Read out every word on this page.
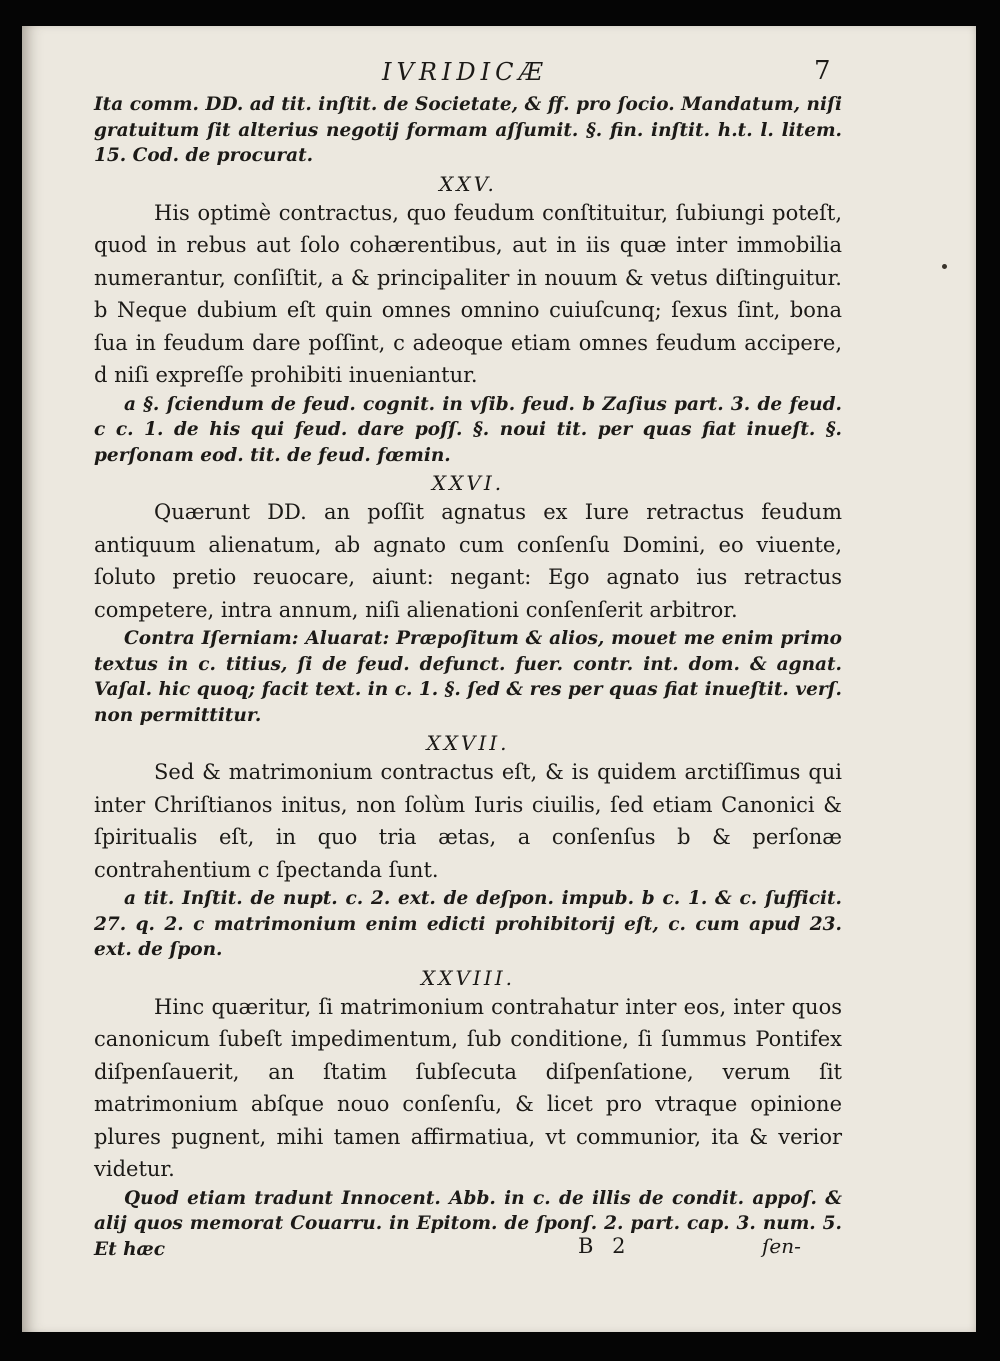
IVRIDICÆ	7

Ita comm. DD. ad tit. inſtit. de Societate, & ff. pro ſocio. Mandatum, niſi gratuitum ſit alterius negotij formam aſſumit. §. fin. inſtit. h.t. l. litem. 15. Cod. de procurat.

XXV.

His optimè contractus, quo feudum conſtituitur, ſubiungi poteſt, quod in rebus aut ſolo cohærentibus, aut in iis quæ inter immobilia numerantur, conſiſtit, a & principaliter in nouum & vetus diſtinguitur. b Neque dubium eſt quin omnes omnino cuiuſcunq; ſexus ſint, bona ſua in feudum dare poſſint, c adeoque etiam omnes feudum accipere, d niſi expreſſe prohibiti inueniantur.

a §. ſciendum de feud. cognit. in vſib. feud. b Zaſius part. 3. de feud. c c. 1. de his qui feud. dare poſſ. §. noui tit. per quas fiat inueſt. §. perſonam eod. tit. de feud. fœmin.

XXVI.

Quærunt DD. an poſſit agnatus ex Iure retractus feudum antiquum alienatum, ab agnato cum conſenſu Domini, eo viuente, ſoluto pretio reuocare, aiunt: negant: Ego agnato ius retractus competere, intra annum, niſi alienationi conſenſerit arbitror.

Contra Iſerniam: Aluarat: Præpoſitum & alios, mouet me enim primo textus in c. titius, ſi de feud. defunct. fuer. contr. int. dom. & agnat. Vaſal. hic quoq; facit text. in c. 1. §. ſed & res per quas fiat inueſtit. verſ. non permittitur.

XXVII.

Sed & matrimonium contractus eſt, & is quidem arctiſſimus qui inter Chriſtianos initus, non ſolùm Iuris ciuilis, ſed etiam Canonici & ſpiritualis eſt, in quo tria ætas, a conſenſus b & perſonæ contrahentium c ſpectanda ſunt.

a tit. Inſtit. de nupt. c. 2. ext. de deſpon. impub. b c. 1. & c. ſufficit. 27. q. 2. c matrimonium enim edicti prohibitorij eſt, c. cum apud 23. ext. de ſpon.

XXVIII.

Hinc quæritur, ſi matrimonium contrahatur inter eos, inter quos canonicum ſubeſt impedimentum, ſub conditione, ſi ſummus Pontifex diſpenſauerit, an ſtatim ſubſecuta diſpenſatione, verum ſit matrimonium abſque nouo conſenſu, & licet pro vtraque opinione plures pugnent, mihi tamen affirmatiua, vt communior, ita & verior videtur.

Quod etiam tradunt Innocent. Abb. in c. de illis de condit. appoſ. & alij quos memorat Couarru. in Epitom. de ſponſ. 2. part. cap. 3. num. 5. Et hæc	B 2	ſen-
